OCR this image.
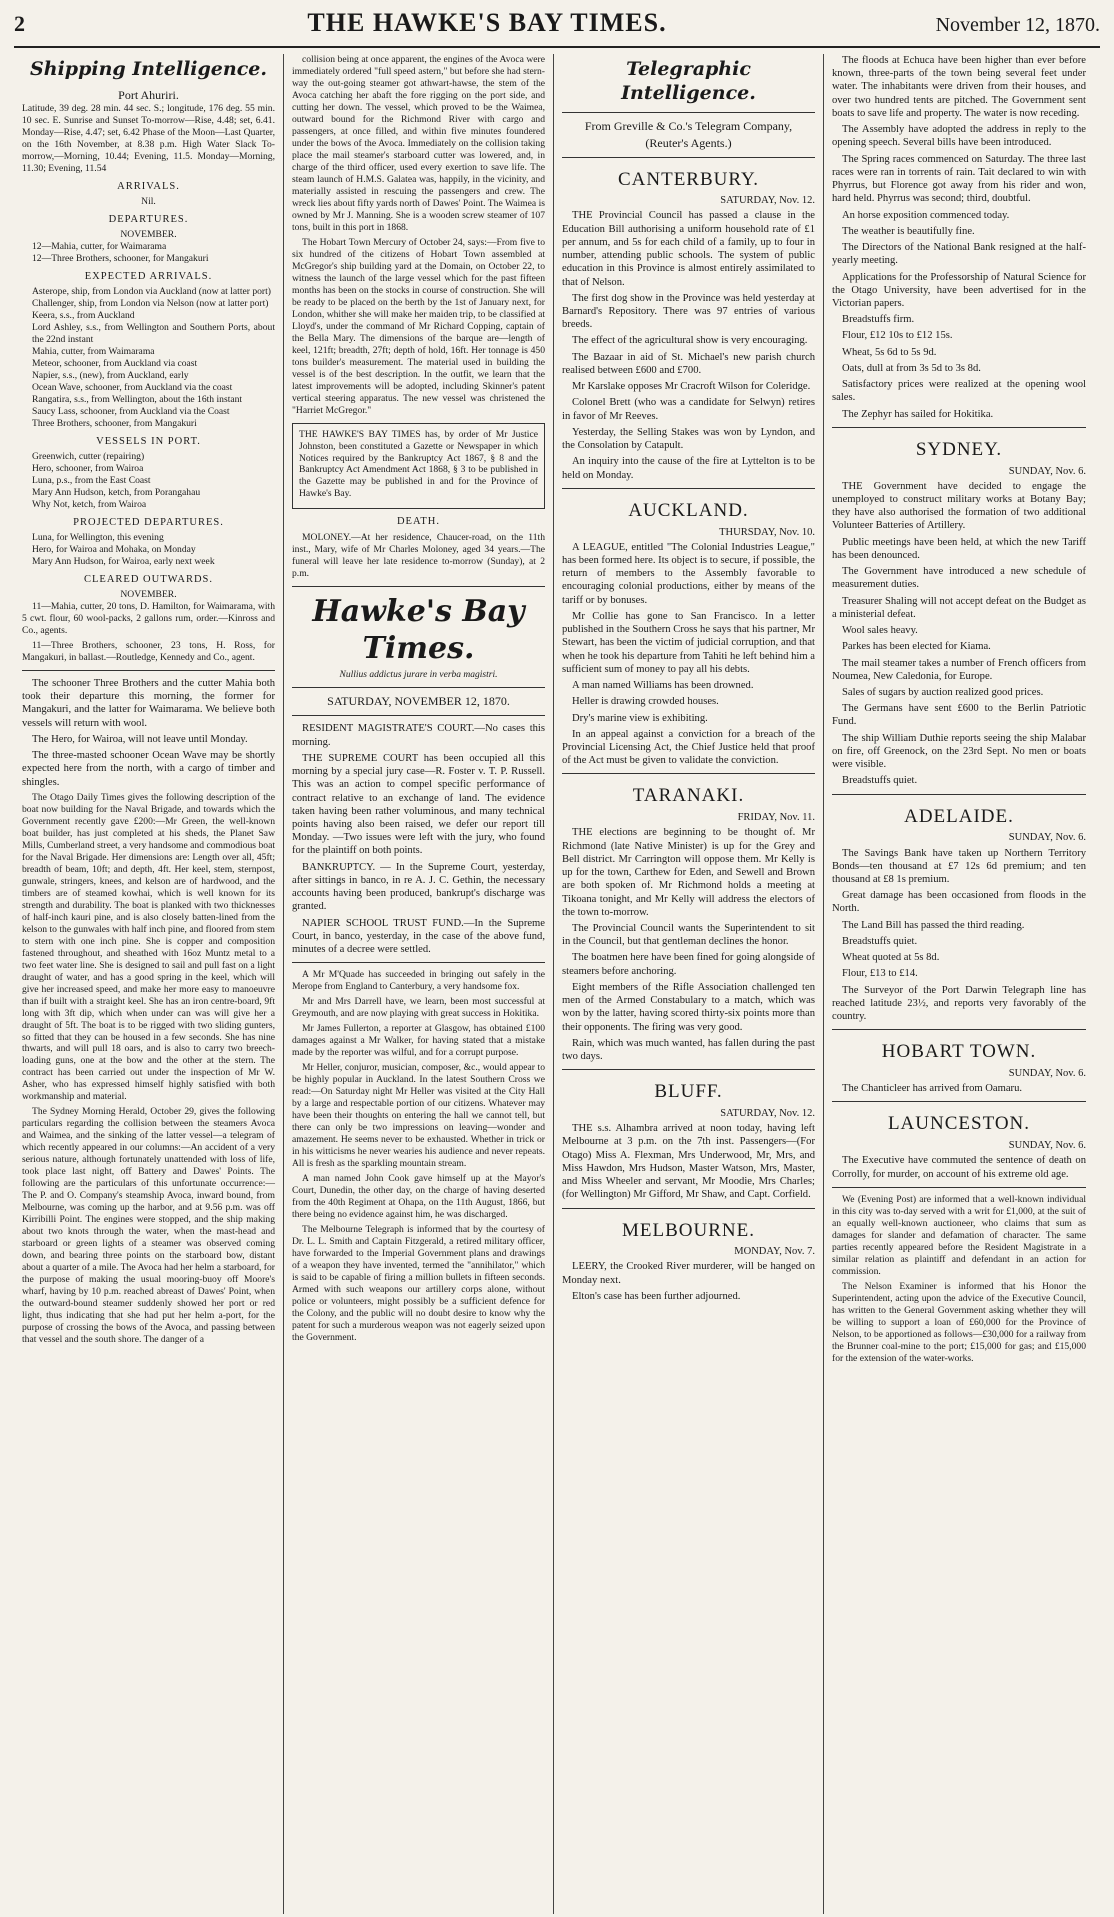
2	THE HAWKE'S BAY TIMES.	November 12, 1870.
Shipping Intelligence.
Port Ahuriri.

Latitude, 39 deg. 28 min. 44 sec. S.; longitude, 176 deg. 55 min. 10 sec. E. Sunrise and Sunset To-morrow—Rise, 4.48; set, 6.41. Monday—Rise, 4.47; set, 6.42 Phase of the Moon—Last Quarter, on the 16th November, at 8.38 p.m. High Water Slack To-morrow,—Morning, 10.44; Evening, 11.5. Monday—Morning, 11.30; Evening, 11.54

ARRIVALS.
Nil.
DEPARTURES.
NOVEMBER.

12—Mahia, cutter, for Waimarama

12—Three Brothers, schooner, for Mangakuri

EXPECTED ARRIVALS.

Asterope, ship, from London via Auckland (now at latter port)

Challenger, ship, from London via Nelson (now at latter port)

Keera, s.s., from Auckland

Lord Ashley, s.s., from Wellington and Southern Ports, about the 22nd instant

Mahia, cutter, from Waimarama

Meteor, schooner, from Auckland via coast

Napier, s.s., (new), from Auckland, early

Ocean Wave, schooner, from Auckland via the coast

Rangatira, s.s., from Wellington, about the 16th instant

Saucy Lass, schooner, from Auckland via the Coast

Three Brothers, schooner, from Mangakuri

VESSELS IN PORT.

Greenwich, cutter (repairing)

Hero, schooner, from Wairoa

Luna, p.s., from the East Coast

Mary Ann Hudson, ketch, from Porangahau

Why Not, ketch, from Wairoa

PROJECTED DEPARTURES.

Luna, for Wellington, this evening

Hero, for Wairoa and Mohaka, on Monday

Mary Ann Hudson, for Wairoa, early next week

CLEARED OUTWARDS.
NOVEMBER.

11—Mahia, cutter, 20 tons, D. Hamilton, for Waimarama, with 5 cwt. flour, 60 wool-packs, 2 gallons rum, order.—Kinross and Co., agents.

11—Three Brothers, schooner, 23 tons, H. Ross, for Mangakuri, in ballast.—Routledge, Kennedy and Co., agent.

The schooner Three Brothers and the cutter Mahia both took their departure this morning, the former for Mangakuri, and the latter for Waimarama. We believe both vessels will return with wool.

The Hero, for Wairoa, will not leave until Monday.

The three-masted schooner Ocean Wave may be shortly expected here from the north, with a cargo of timber and shingles.

The Otago Daily Times gives the following description of the boat now building for the Naval Brigade, and towards which the Government recently gave £200:—Mr Green, the well-known boat builder, has just completed at his sheds, the Planet Saw Mills, Cumberland street, a very handsome and commodious boat for the Naval Brigade. Her dimensions are: Length over all, 45ft; breadth of beam, 10ft; and depth, 4ft. Her keel, stem, sternpost, gunwale, stringers, knees, and kelson are of hardwood, and the timbers are of steamed kowhai, which is well known for its strength and durability. The boat is planked with two thicknesses of half-inch kauri pine, and is also closely batten-lined from the kelson to the gunwales with half inch pine, and floored from stem to stern with one inch pine. She is copper and composition fastened throughout, and sheathed with 16oz Muntz metal to a two feet water line. She is designed to sail and pull fast on a light draught of water, and has a good spring in the keel, which will give her increased speed, and make her more easy to manoeuvre than if built with a straight keel. She has an iron centre-board, 9ft long with 3ft dip, which when under can was will give her a draught of 5ft. The boat is to be rigged with two sliding gunters, so fitted that they can be housed in a few seconds. She has nine thwarts, and will pull 18 oars, and is also to carry two breech-loading guns, one at the bow and the other at the stern. The contract has been carried out under the inspection of Mr W. Asher, who has expressed himself highly satisfied with both workmanship and material.

The Sydney Morning Herald, October 29, gives the following particulars regarding the collision between the steamers Avoca and Waimea, and the sinking of the latter vessel—a telegram of which recently appeared in our columns:—An accident of a very serious nature, although fortunately unattended with loss of life, took place last night, off Battery and Dawes' Points. The following are the particulars of this unfortunate occurrence:—The P. and O. Company's steamship Avoca, inward bound, from Melbourne, was coming up the harbor, and at 9.56 p.m. was off Kirribilli Point. The engines were stopped, and the ship making about two knots through the water, when the mast-head and starboard or green lights of a steamer was observed coming down, and bearing three points on the starboard bow, distant about a quarter of a mile. The Avoca had her helm a starboard, for the purpose of making the usual mooring-buoy off Moore's wharf, having by 10 p.m. reached abreast of Dawes' Point, when the outward-bound steamer suddenly showed her port or red light, thus indicating that she had put her helm a-port, for the purpose of crossing the bows of the Avoca, and passing between that vessel and the south shore. The danger of a

collision being at once apparent, the engines of the Avoca were immediately ordered "full speed astern," but before she had stern-way the out-going steamer got athwart-hawse, the stem of the Avoca catching her abaft the fore rigging on the port side, and cutting her down. The vessel, which proved to be the Waimea, outward bound for the Richmond River with cargo and passengers, at once filled, and within five minutes foundered under the bows of the Avoca. Immediately on the collision taking place the mail steamer's starboard cutter was lowered, and, in charge of the third officer, used every exertion to save life. The steam launch of H.M.S. Galatea was, happily, in the vicinity, and materially assisted in rescuing the passengers and crew. The wreck lies about fifty yards north of Dawes' Point. The Waimea is owned by Mr J. Manning. She is a wooden screw steamer of 107 tons, built in this port in 1868.

The Hobart Town Mercury of October 24, says:—From five to six hundred of the citizens of Hobart Town assembled at McGregor's ship building yard at the Domain, on October 22, to witness the launch of the large vessel which for the past fifteen months has been on the stocks in course of construction. She will be ready to be placed on the berth by the 1st of January next, for London, whither she will make her maiden trip, to be classified at Lloyd's, under the command of Mr Richard Copping, captain of the Bella Mary. The dimensions of the barque are—length of keel, 121ft; breadth, 27ft; depth of hold, 16ft. Her tonnage is 450 tons builder's measurement. The material used in building the vessel is of the best description. In the outfit, we learn that the latest improvements will be adopted, including Skinner's patent vertical steering apparatus. The new vessel was christened the "Harriet McGregor."

THE HAWKE'S BAY TIMES has, by order of Mr Justice Johnston, been constituted a Gazette or Newspaper in which Notices required by the Bankruptcy Act 1867, § 8 and the Bankruptcy Act Amendment Act 1868, § 3 to be published in the Gazette may be published in and for the Province of Hawke's Bay.

DEATH.

MOLONEY.—At her residence, Chaucer-road, on the 11th inst., Mary, wife of Mr Charles Moloney, aged 34 years.—The funeral will leave her late residence to-morrow (Sunday), at 2 p.m.

Hawke's Bay Times.
Nullius addictus jurare in verba magistri.
SATURDAY, NOVEMBER 12, 1870.

RESIDENT MAGISTRATE'S COURT.—No cases this morning.

THE SUPREME COURT has been occupied all this morning by a special jury case—R. Foster v. T. P. Russell. This was an action to compel specific performance of contract relative to an exchange of land. The evidence taken having been rather voluminous, and many technical points having also been raised, we defer our report till Monday. —Two issues were left with the jury, who found for the plaintiff on both points.

BANKRUPTCY. — In the Supreme Court, yesterday, after sittings in banco, in re A. J. C. Gethin, the necessary accounts having been produced, bankrupt's discharge was granted.

NAPIER SCHOOL TRUST FUND.—In the Supreme Court, in banco, yesterday, in the case of the above fund, minutes of a decree were settled.

A Mr M'Quade has succeeded in bringing out safely in the Merope from England to Canterbury, a very handsome fox.

Mr and Mrs Darrell have, we learn, been most successful at Greymouth, and are now playing with great success in Hokitika.

Mr James Fullerton, a reporter at Glasgow, has obtained £100 damages against a Mr Walker, for having stated that a mistake made by the reporter was wilful, and for a corrupt purpose.

Mr Heller, conjuror, musician, composer, &c., would appear to be highly popular in Auckland. In the latest Southern Cross we read:—On Saturday night Mr Heller was visited at the City Hall by a large and respectable portion of our citizens. Whatever may have been their thoughts on entering the hall we cannot tell, but there can only be two impressions on leaving—wonder and amazement. He seems never to be exhausted. Whether in trick or in his witticisms he never wearies his audience and never repeats. All is fresh as the sparkling mountain stream.

A man named John Cook gave himself up at the Mayor's Court, Dunedin, the other day, on the charge of having deserted from the 40th Regiment at Ohapa, on the 11th August, 1866, but there being no evidence against him, he was discharged.

The Melbourne Telegraph is informed that by the courtesy of Dr. L. L. Smith and Captain Fitzgerald, a retired military officer, have forwarded to the Imperial Government plans and drawings of a weapon they have invented, termed the "annihilator," which is said to be capable of firing a million bullets in fifteen seconds. Armed with such weapons our artillery corps alone, without police or volunteers, might possibly be a sufficient defence for the Colony, and the public will no doubt desire to know why the patent for such a murderous weapon was not eagerly seized upon the Government.

Telegraphic Intelligence.
From Greville & Co.'s Telegram Company,
(Reuter's Agents.)
CANTERBURY.
SATURDAY, Nov. 12.

THE Provincial Council has passed a clause in the Education Bill authorising a uniform household rate of £1 per annum, and 5s for each child of a family, up to four in number, attending public schools. The system of public education in this Province is almost entirely assimilated to that of Nelson.

The first dog show in the Province was held yesterday at Barnard's Repository. There was 97 entries of various breeds.

The effect of the agricultural show is very encouraging.

The Bazaar in aid of St. Michael's new parish church realised between £600 and £700.

Mr Karslake opposes Mr Cracroft Wilson for Coleridge.

Colonel Brett (who was a candidate for Selwyn) retires in favor of Mr Reeves.

Yesterday, the Selling Stakes was won by Lyndon, and the Consolation by Catapult.

An inquiry into the cause of the fire at Lyttelton is to be held on Monday.

AUCKLAND.
THURSDAY, Nov. 10.

A LEAGUE, entitled "The Colonial Industries League," has been formed here. Its object is to secure, if possible, the return of members to the Assembly favorable to encouraging colonial productions, either by means of the tariff or by bonuses.

Mr Collie has gone to San Francisco. In a letter published in the Southern Cross he says that his partner, Mr Stewart, has been the victim of judicial corruption, and that when he took his departure from Tahiti he left behind him a sufficient sum of money to pay all his debts.

A man named Williams has been drowned.

Heller is drawing crowded houses.

Dry's marine view is exhibiting.

In an appeal against a conviction for a breach of the Provincial Licensing Act, the Chief Justice held that proof of the Act must be given to validate the conviction.

TARANAKI.
FRIDAY, Nov. 11.

THE elections are beginning to be thought of. Mr Richmond (late Native Minister) is up for the Grey and Bell district. Mr Carrington will oppose them. Mr Kelly is up for the town, Carthew for Eden, and Sewell and Brown are both spoken of. Mr Richmond holds a meeting at Tikoana tonight, and Mr Kelly will address the electors of the town to-morrow.

The Provincial Council wants the Superintendent to sit in the Council, but that gentleman declines the honor.

The boatmen here have been fined for going alongside of steamers before anchoring.

Eight members of the Rifle Association challenged ten men of the Armed Constabulary to a match, which was won by the latter, having scored thirty-six points more than their opponents. The firing was very good.

Rain, which was much wanted, has fallen during the past two days.

BLUFF.
SATURDAY, Nov. 12.

THE s.s. Alhambra arrived at noon today, having left Melbourne at 3 p.m. on the 7th inst. Passengers—(For Otago) Miss A. Flexman, Mrs Underwood, Mr, Mrs, and Miss Hawdon, Mrs Hudson, Master Watson, Mrs, Master, and Miss Wheeler and servant, Mr Moodie, Mrs Charles; (for Wellington) Mr Gifford, Mr Shaw, and Capt. Corfield.

MELBOURNE.
MONDAY, Nov. 7.

LEERY, the Crooked River murderer, will be hanged on Monday next.

Elton's case has been further adjourned.

The floods at Echuca have been higher than ever before known, three-parts of the town being several feet under water. The inhabitants were driven from their houses, and over two hundred tents are pitched. The Government sent boats to save life and property. The water is now receding.

The Assembly have adopted the address in reply to the opening speech. Several bills have been introduced.

The Spring races commenced on Saturday. The three last races were ran in torrents of rain. Tait declared to win with Phyrrus, but Florence got away from his rider and won, hard held. Phyrrus was second; third, doubtful.

An horse exposition commenced today.

The weather is beautifully fine.

The Directors of the National Bank resigned at the half-yearly meeting.

Applications for the Professorship of Natural Science for the Otago University, have been advertised for in the Victorian papers.

Breadstuffs firm.

Flour, £12 10s to £12 15s.

Wheat, 5s 6d to 5s 9d.

Oats, dull at from 3s 5d to 3s 8d.

Satisfactory prices were realized at the opening wool sales.

The Zephyr has sailed for Hokitika.

SYDNEY.
SUNDAY, Nov. 6.

THE Government have decided to engage the unemployed to construct military works at Botany Bay; they have also authorised the formation of two additional Volunteer Batteries of Artillery.

Public meetings have been held, at which the new Tariff has been denounced.

The Government have introduced a new schedule of measurement duties.

Treasurer Shaling will not accept defeat on the Budget as a ministerial defeat.

Wool sales heavy.

Parkes has been elected for Kiama.

The mail steamer takes a number of French officers from Noumea, New Caledonia, for Europe.

Sales of sugars by auction realized good prices.

The Germans have sent £600 to the Berlin Patriotic Fund.

The ship William Duthie reports seeing the ship Malabar on fire, off Greenock, on the 23rd Sept. No men or boats were visible.

Breadstuffs quiet.

ADELAIDE.
SUNDAY, Nov. 6.

The Savings Bank have taken up Northern Territory Bonds—ten thousand at £7 12s 6d premium; and ten thousand at £8 1s premium.

Great damage has been occasioned from floods in the North.

The Land Bill has passed the third reading.

Breadstuffs quiet.

Wheat quoted at 5s 8d.

Flour, £13 to £14.

The Surveyor of the Port Darwin Telegraph line has reached latitude 23½, and reports very favorably of the country.

HOBART TOWN.
SUNDAY, Nov. 6.

The Chanticleer has arrived from Oamaru.

LAUNCESTON.
SUNDAY, Nov. 6.

The Executive have commuted the sentence of death on Corrolly, for murder, on account of his extreme old age.

We (Evening Post) are informed that a well-known individual in this city was to-day served with a writ for £1,000, at the suit of an equally well-known auctioneer, who claims that sum as damages for slander and defamation of character. The same parties recently appeared before the Resident Magistrate in a similar relation as plaintiff and defendant in an action for commission.

The Nelson Examiner is informed that his Honor the Superintendent, acting upon the advice of the Executive Council, has written to the General Government asking whether they will be willing to support a loan of £60,000 for the Province of Nelson, to be apportioned as follows—£30,000 for a railway from the Brunner coal-mine to the port; £15,000 for gas; and £15,000 for the extension of the water-works.
